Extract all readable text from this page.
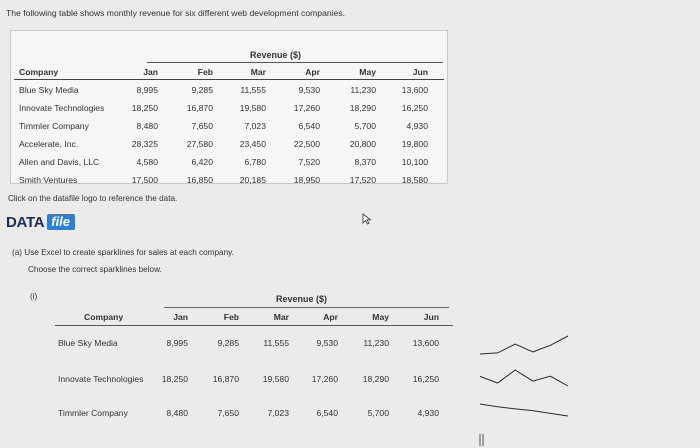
The following table shows monthly revenue for six different web development companies.
Revenue ($)
Company	Jan	Feb	Mar	Apr	May	Jun
Blue Sky Media	8,995	9,285	11,555	9,530	11,230	13,600
Innovate Technologies	18,250	16,870	19,580	17,260	18,290	16,250
Timmler Company	8,480	7,650	7,023	6,540	5,700	4,930
Accelerate, Inc.	28,325	27,580	23,450	22,500	20,800	19,800
Allen and Davis, LLC	4,580	6,420	6,780	7,520	8,370	10,100
Smith Ventures	17,500	16,850	20,185	18,950	17,520	18,580
Click on the datafile logo to reference the data.
DATA file
(a) Use Excel to create sparklines for sales at each company.
Choose the correct sparklines below.
(i)	Revenue ($)
Company	Jan	Feb	Mar	Apr	May	Jun
Blue Sky Media	8,995	9,285	11,555	9,530	11,230	13,600
Innovate Technologies	18,250	16,870	19,580	17,260	18,290	16,250
Timmler Company	8,480	7,650	7,023	6,540	5,700	4,930
